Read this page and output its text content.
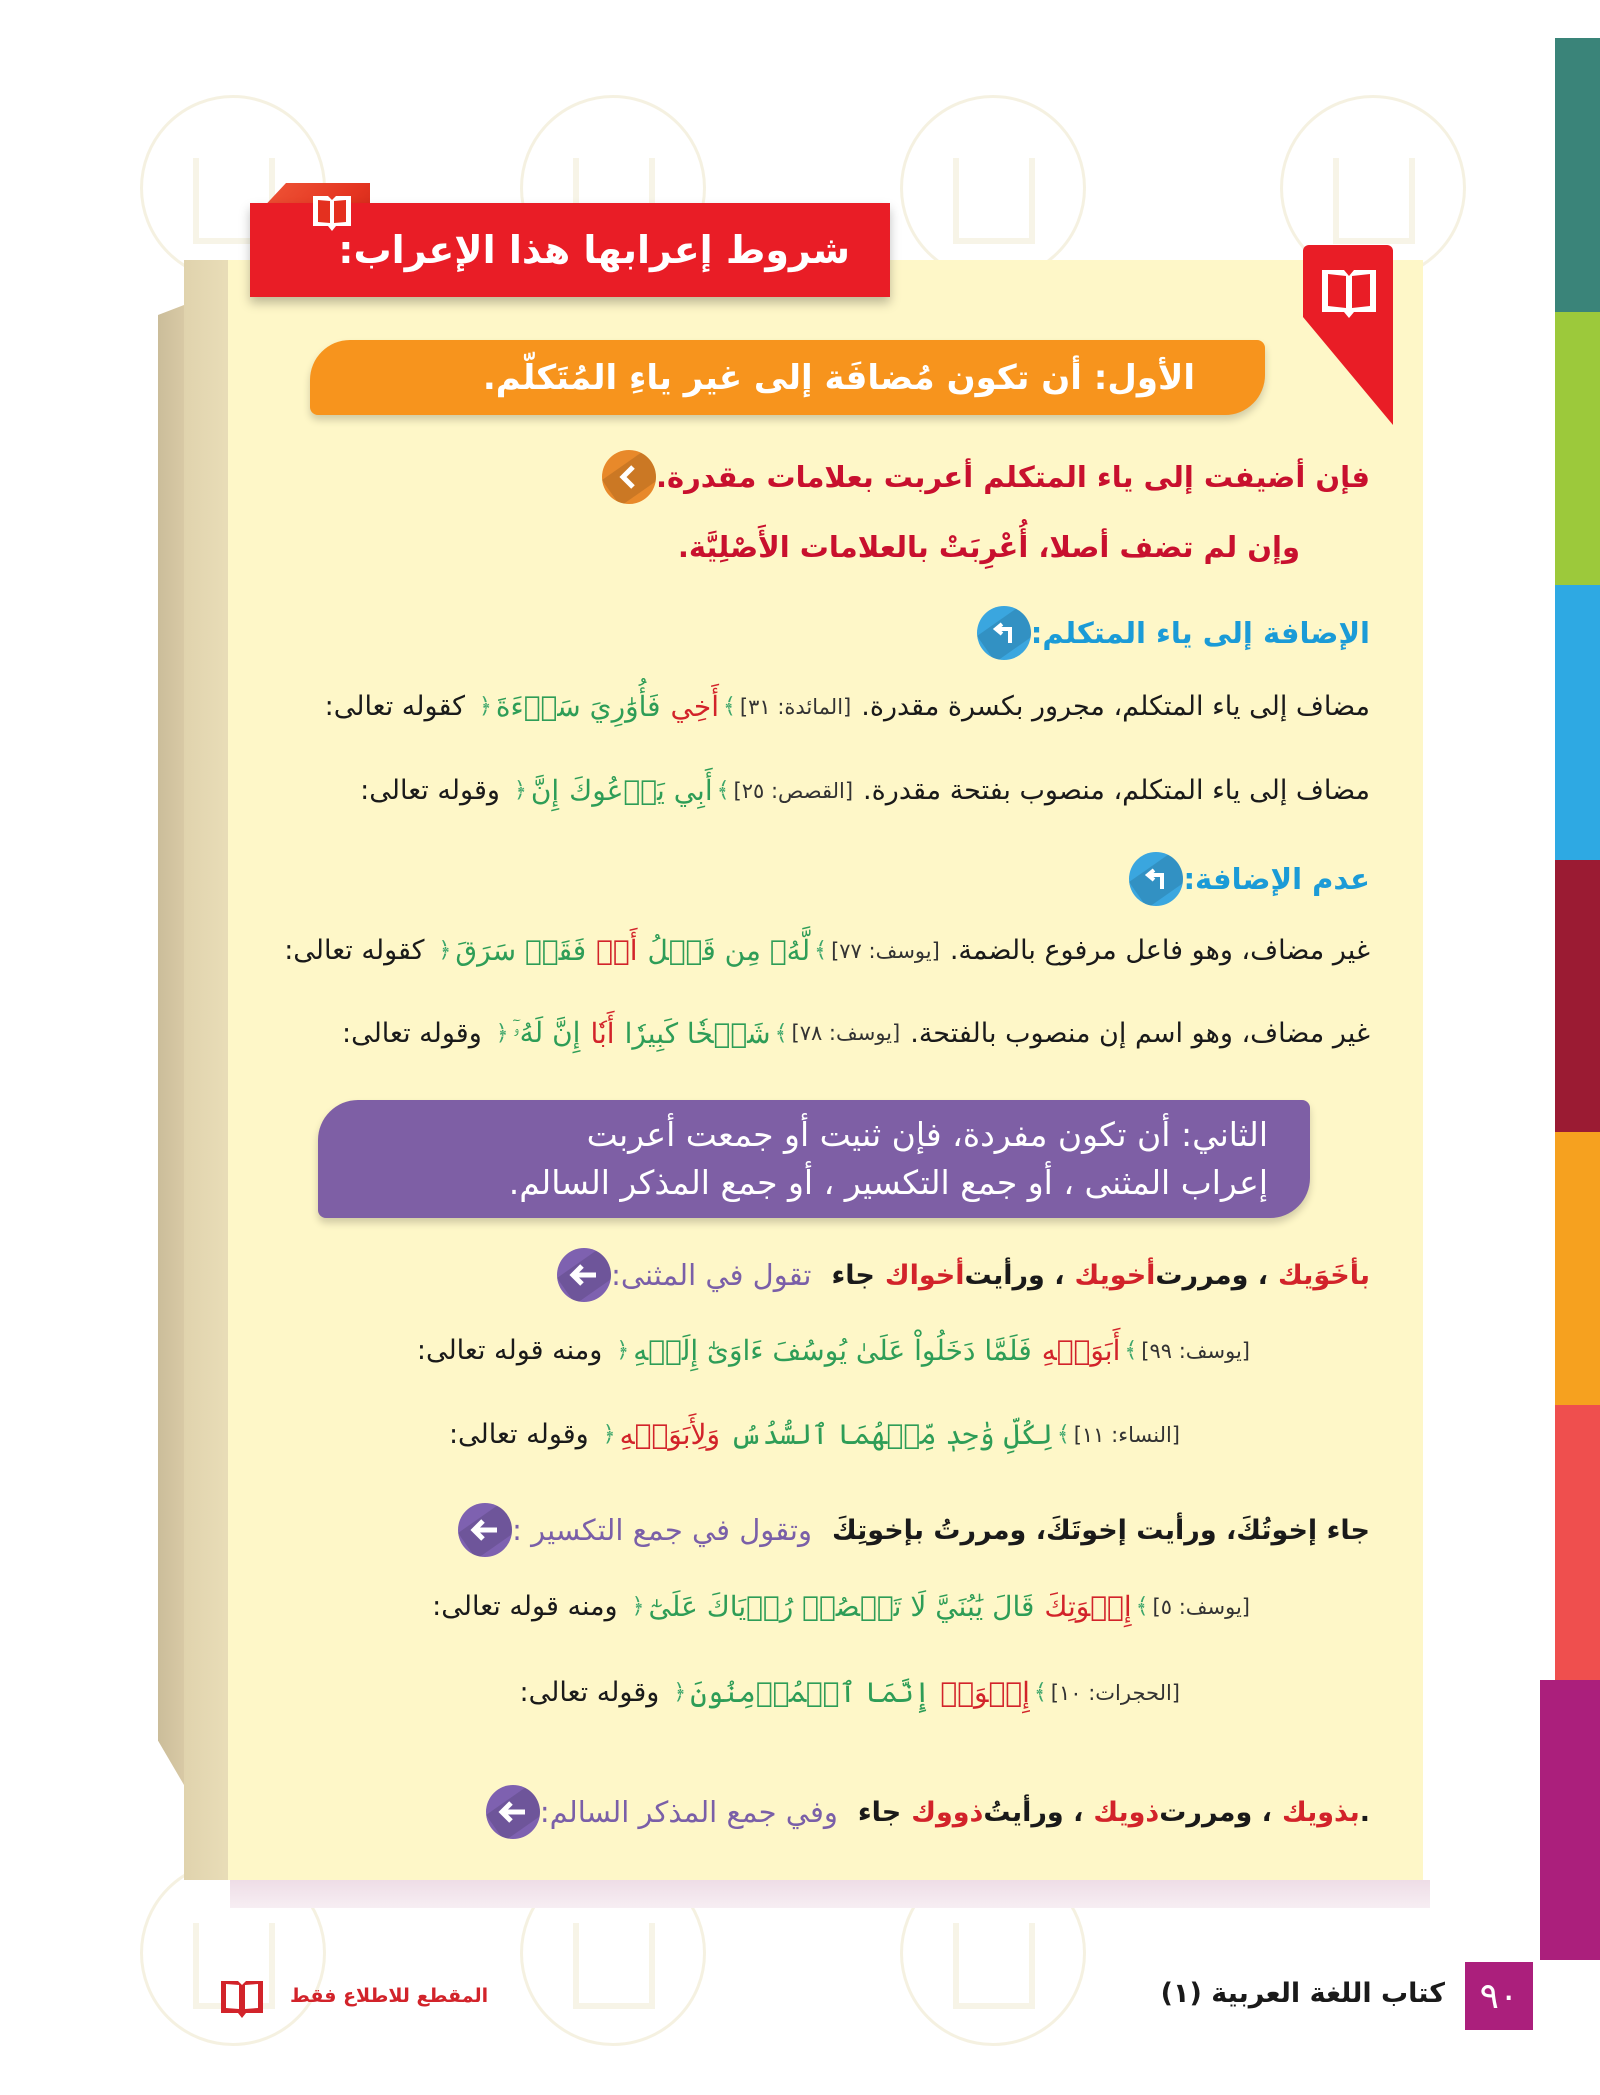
شروط إعرابها هذا الإعراب:
الأول: أن تكون مُضافَة إلى غير ياءِ المُتَكلّم.
فإن أضيفت إلى ياء المتكلم أعربت بعلامات مقدرة.
وإن لم تضف أصلا، أُعْرِبَتْ بالعلامات الأَصْلِيَّة.
الإضافة إلى ياء المتكلم:
كقوله تعالى: ﴿ فَأُوَٰرِيَ سَوۡءَةَ أَخِي ﴾ [المائدة: ٣١] مضاف إلى ياء المتكلم، مجرور بكسرة مقدرة.
وقوله تعالى: ﴿ إِنَّ أَبِي يَدۡعُوكَ ﴾ [القصص: ٢٥] مضاف إلى ياء المتكلم، منصوب بفتحة مقدرة.
عدم الإضافة:
كقوله تعالى: ﴿ فَقَدۡ سَرَقَ أَخٞ لَّهُۥ مِن قَبۡلُ ﴾ [يوسف: ٧٧] غير مضاف، وهو فاعل مرفوع بالضمة.
وقوله تعالى: ﴿ إِنَّ لَهُۥٓ أَبٗا شَيۡخٗا كَبِيرٗا ﴾ [يوسف: ٧٨] غير مضاف، وهو اسم إن منصوب بالفتحة.
الثاني: أن تكون مفردة، فإن ثنيت أو جمعت أعربت
إعراب المثنى ، أو جمع التكسير ، أو جمع المذكر السالم.
تقول في المثنى: جاء أخواك ، ورأيت أخويك ، ومررت بأخَوَيك
ومنه قوله تعالى: ﴿ فَلَمَّا دَخَلُواْ عَلَىٰ يُوسُفَ ءَاوَىٰٓ إِلَيۡهِ أَبَوَيۡهِ ﴾ [يوسف: ٩٩]
وقوله تعالى: ﴿ وَلِأَبَوَيۡهِ لِكُلِّ وَٰحِدٖ مِّنۡهُمَا ٱلسُّدُسُ ﴾ [النساء: ١١]
وتقول في جمع التكسير : جاء إخوتُكَ، ورأيت إخوتَكَ، ومررتُ بإخوتِكَ
ومنه قوله تعالى: ﴿ قَالَ يَٰبُنَيَّ لَا تَقۡصُصۡ رُءۡيَاكَ عَلَىٰٓ إِخۡوَتِكَ ﴾ [يوسف: ٥]
وقوله تعالى: ﴿ إِنَّمَا ٱلۡمُؤۡمِنُونَ إِخۡوَةٞ ﴾ [الحجرات: ١٠]
وفي جمع المذكر السالم: جاء ذووك ، ورأيتُ ذويك ، ومررت بذويك .
٩٠
كتاب اللغة العربية (١)
المقطع للاطلاع فقط
